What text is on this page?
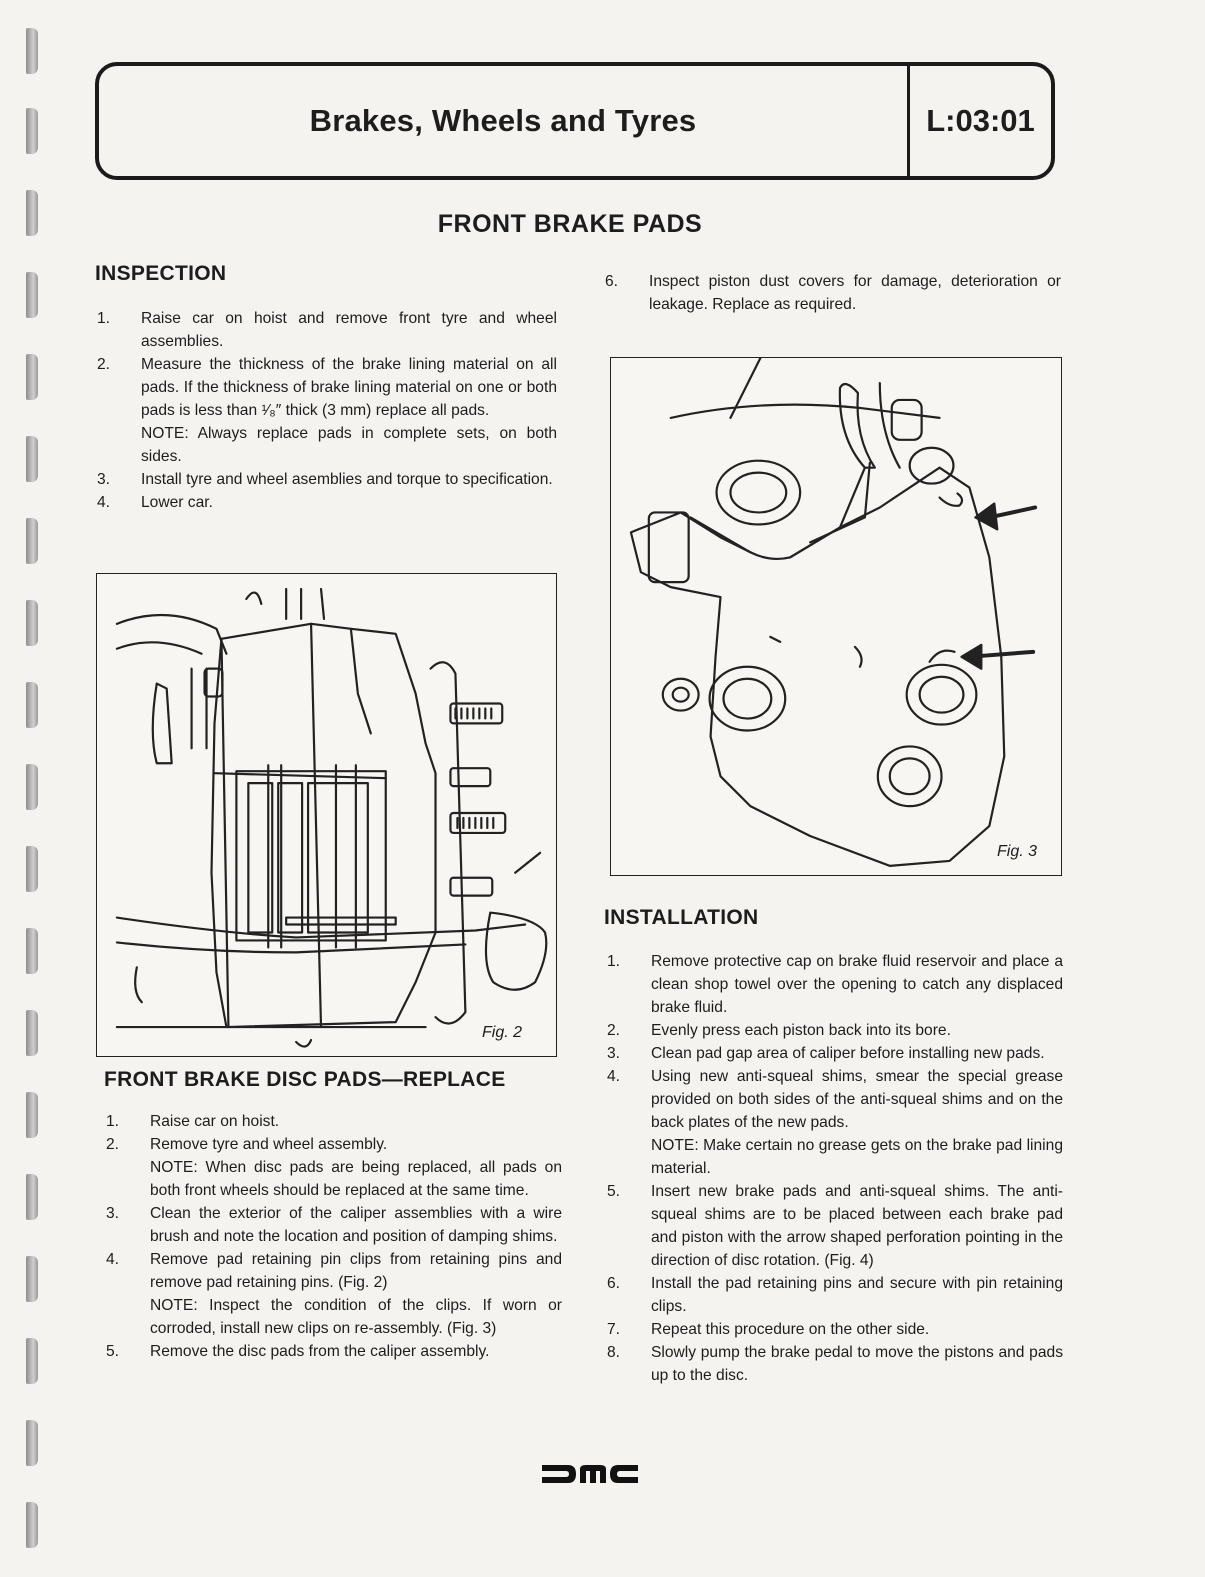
Brakes, Wheels and Tyres	L:03:01
FRONT BRAKE PADS
INSPECTION
1. Raise car on hoist and remove front tyre and wheel assemblies.
2. Measure the thickness of the brake lining material on all pads. If the thickness of brake lining material on one or both pads is less than ¹⁄₈″ thick (3 mm) replace all pads.
NOTE: Always replace pads in complete sets, on both sides.
3. Install tyre and wheel asemblies and torque to specification.
4. Lower car.
Fig. 2
FRONT BRAKE DISC PADS—REPLACE
1. Raise car on hoist.
2. Remove tyre and wheel assembly.
NOTE: When disc pads are being replaced, all pads on both front wheels should be replaced at the same time.
3. Clean the exterior of the caliper assemblies with a wire brush and note the location and position of damping shims.
4. Remove pad retaining pin clips from retaining pins and remove pad retaining pins. (Fig. 2)
NOTE: Inspect the condition of the clips. If worn or corroded, install new clips on re-assembly. (Fig. 3)
5. Remove the disc pads from the caliper assembly.
6. Inspect piston dust covers for damage, deterioration or leakage. Replace as required.
Fig. 3
INSTALLATION
1. Remove protective cap on brake fluid reservoir and place a clean shop towel over the opening to catch any displaced brake fluid.
2. Evenly press each piston back into its bore.
3. Clean pad gap area of caliper before installing new pads.
4. Using new anti-squeal shims, smear the special grease provided on both sides of the anti-squeal shims and on the back plates of the new pads.
NOTE: Make certain no grease gets on the brake pad lining material.
5. Insert new brake pads and anti-squeal shims. The anti-squeal shims are to be placed between each brake pad and piston with the arrow shaped perforation pointing in the direction of disc rotation. (Fig. 4)
6. Install the pad retaining pins and secure with pin retaining clips.
7. Repeat this procedure on the other side.
8. Slowly pump the brake pedal to move the pistons and pads up to the disc.
